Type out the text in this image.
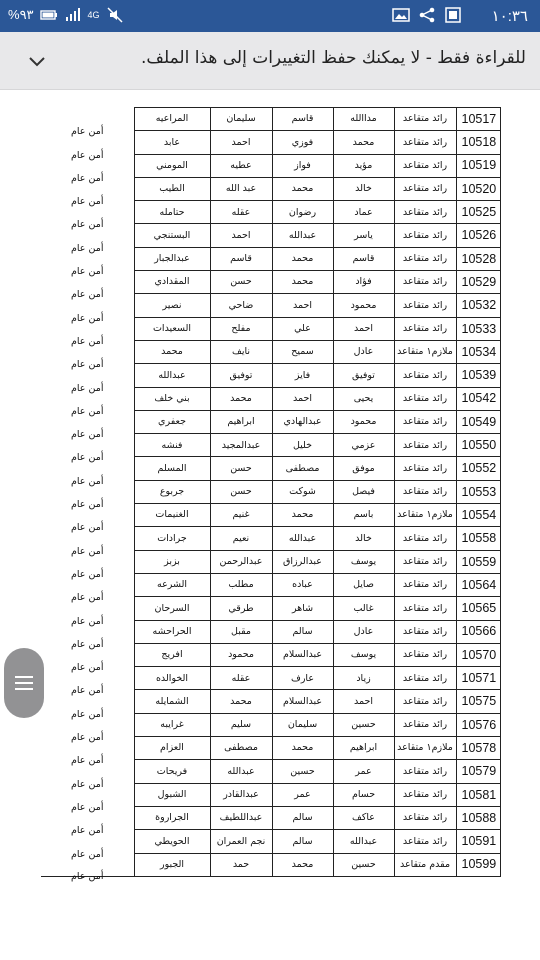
%٩٣	4G	١٠:٣٦
للقراءة فقط - لا يمكنك حفظ التغييرات إلى هذا الملف.
10517	رائد متقاعد	مداالله	قاسم	سليمان	المراعيه	أمن عام
10518	رائد متقاعد	محمد	فوزي	احمد	عابد	أمن عام
10519	رائد متقاعد	مؤيد	فواز	عطيه	المومني	أمن عام
10520	رائد متقاعد	خالد	محمد	عبد الله	الطيب	أمن عام
10525	رائد متقاعد	عماد	رضوان	عقله	حتامله	أمن عام
10526	رائد متقاعد	ياسر	عبدالله	احمد	البستنجي	أمن عام
10528	رائد متقاعد	قاسم	محمد	قاسم	عبدالجبار	أمن عام
10529	رائد متقاعد	فؤاد	محمد	حسن	المقدادي	أمن عام
10532	رائد متقاعد	محمود	احمد	ضاحي	نصير	أمن عام
10533	رائد متقاعد	احمد	علي	مفلح	السعيدات	أمن عام
10534	ملازم١ متقاعد	عادل	سميح	نايف	محمد	أمن عام
10539	رائد متقاعد	توفيق	فايز	توفيق	عبدالله	أمن عام
10542	رائد متقاعد	يحيى	احمد	محمد	بني خلف	أمن عام
10549	رائد متقاعد	محمود	عبدالهادي	ابراهيم	جعفري	أمن عام
10550	رائد متقاعد	عزمي	خليل	عبدالمجيد	فنشه	أمن عام
10552	رائد متقاعد	موفق	مصطفى	حسن	المسلم	أمن عام
10553	رائد متقاعد	فيصل	شوكت	حسن	جربوع	أمن عام
10554	ملازم١ متقاعد	باسم	محمد	غنيم	الغنيمات	أمن عام
10558	رائد متقاعد	خالد	عبدالله	نعيم	جرادات	أمن عام
10559	رائد متقاعد	يوسف	عبدالرزاق	عبدالرحمن	بزبز	أمن عام
10564	رائد متقاعد	صايل	عباده	مطلب	الشرعه	أمن عام
10565	رائد متقاعد	غالب	شاهر	طرقي	السرحان	أمن عام
10566	رائد متقاعد	عادل	سالم	مقبل	الحراحشه	أمن عام
10570	رائد متقاعد	يوسف	عبدالسلام	محمود	افريج	أمن عام
10571	رائد متقاعد	زياد	عارف	عقله	الخوالده	أمن عام
10575	رائد متقاعد	احمد	عبدالسلام	محمد	الشمايله	أمن عام
10576	رائد متقاعد	حسين	سليمان	سليم	غرايبه	أمن عام
10578	ملازم١ متقاعد	ابراهيم	محمد	مصطفى	العزام	أمن عام
10579	رائد متقاعد	عمر	حسين	عبدالله	فريحات	أمن عام
10581	رائد متقاعد	حسام	عمر	عبدالقادر	الشبول	أمن عام
10588	رائد متقاعد	عاكف	سالم	عبداللطيف	الجراروة	أمن عام
10591	رائد متقاعد	عبدالله	سالم	نجم العمران	الحويطي	أمن عام
10599	مقدم متقاعد	حسين	محمد	حمد	الجبور	أمن عام
